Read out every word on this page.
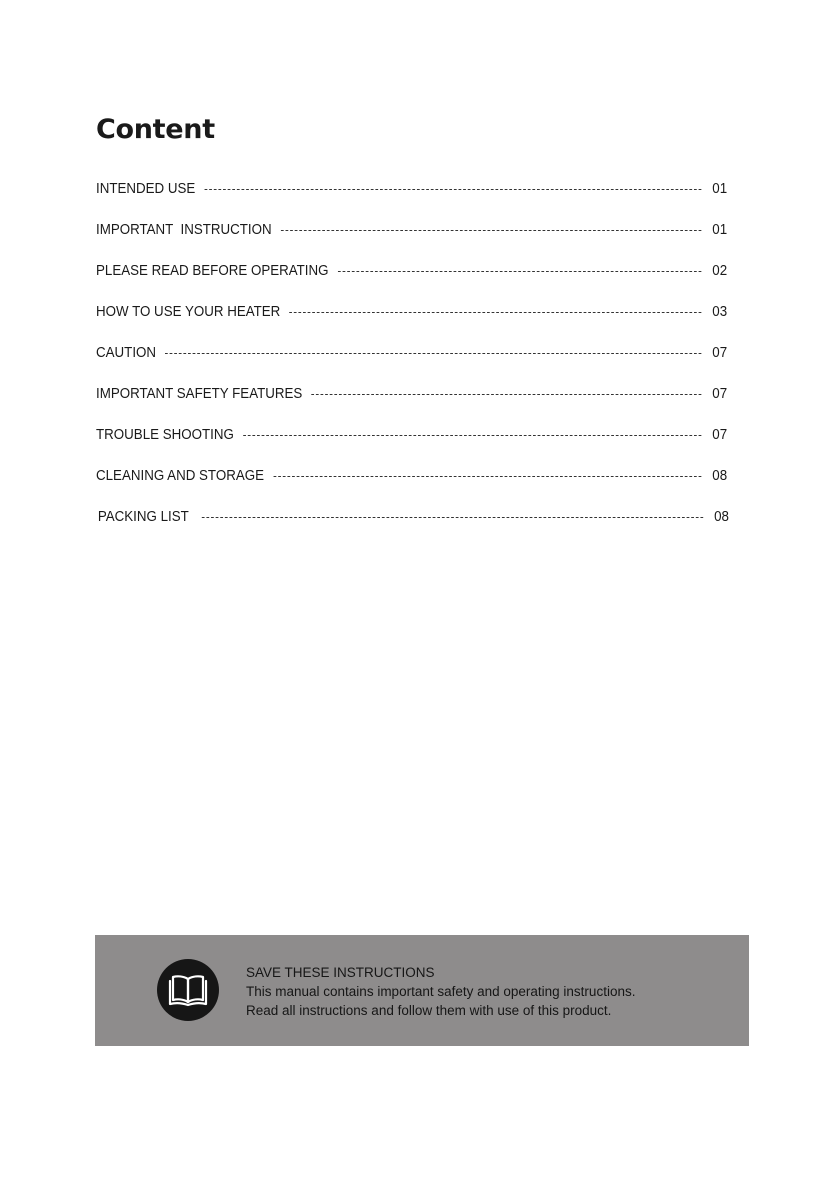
Content
INTENDED USE	01
IMPORTANT  INSTRUCTION	01
PLEASE READ BEFORE OPERATING	02
HOW TO USE YOUR HEATER	03
CAUTION	07
IMPORTANT SAFETY FEATURES	07
TROUBLE SHOOTING	07
CLEANING AND STORAGE	08
PACKING LIST	08
SAVE THESE INSTRUCTIONS
This manual contains important safety and operating instructions.
Read all instructions and follow them with use of this product.
